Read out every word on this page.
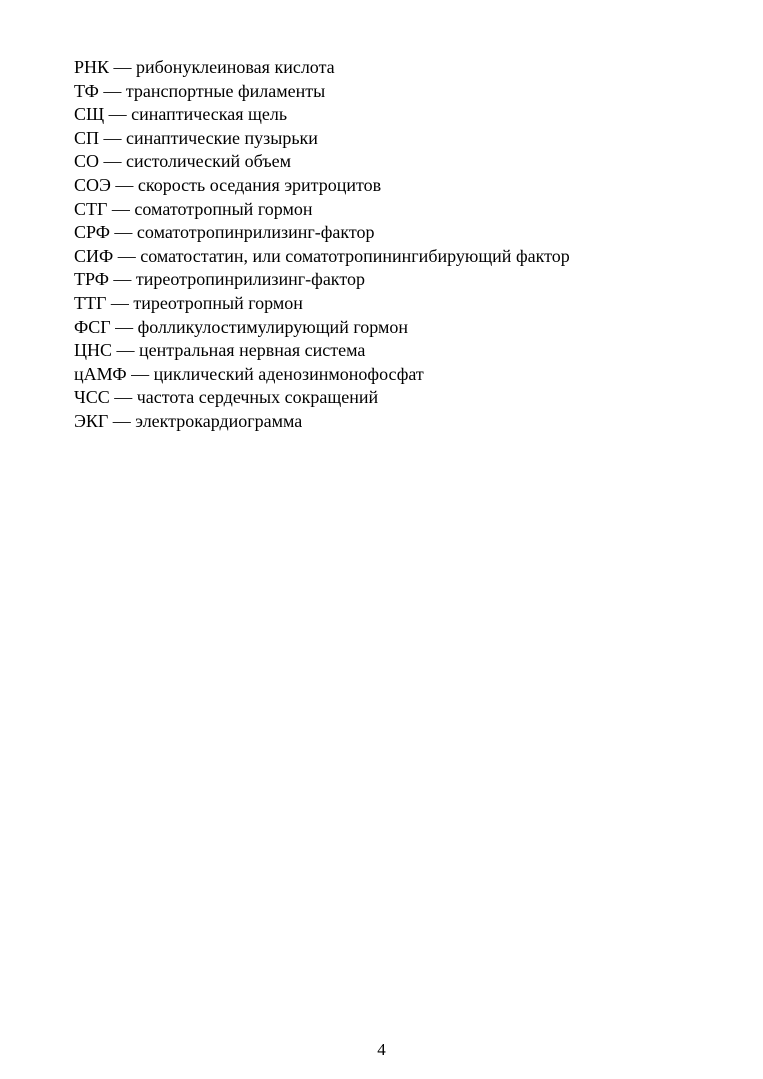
РНК — рибонуклеиновая кислота
ТФ — транспортные филаменты
СЩ — синаптическая щель
СП — синаптические пузырьки
СО — систолический объем
СОЭ — скорость оседания эритроцитов
СТГ — соматотропный гормон
СРФ — соматотропинрилизинг-фактор
СИФ — соматостатин, или соматотропинингибирующий фактор
ТРФ — тиреотропинрилизинг-фактор
ТТГ — тиреотропный гормон
ФСГ — фолликулостимулирующий гормон
ЦНС — центральная нервная система
цАМФ — циклический аденозинмонофосфат
ЧСС — частота сердечных сокращений
ЭКГ — электрокардиограмма
4
